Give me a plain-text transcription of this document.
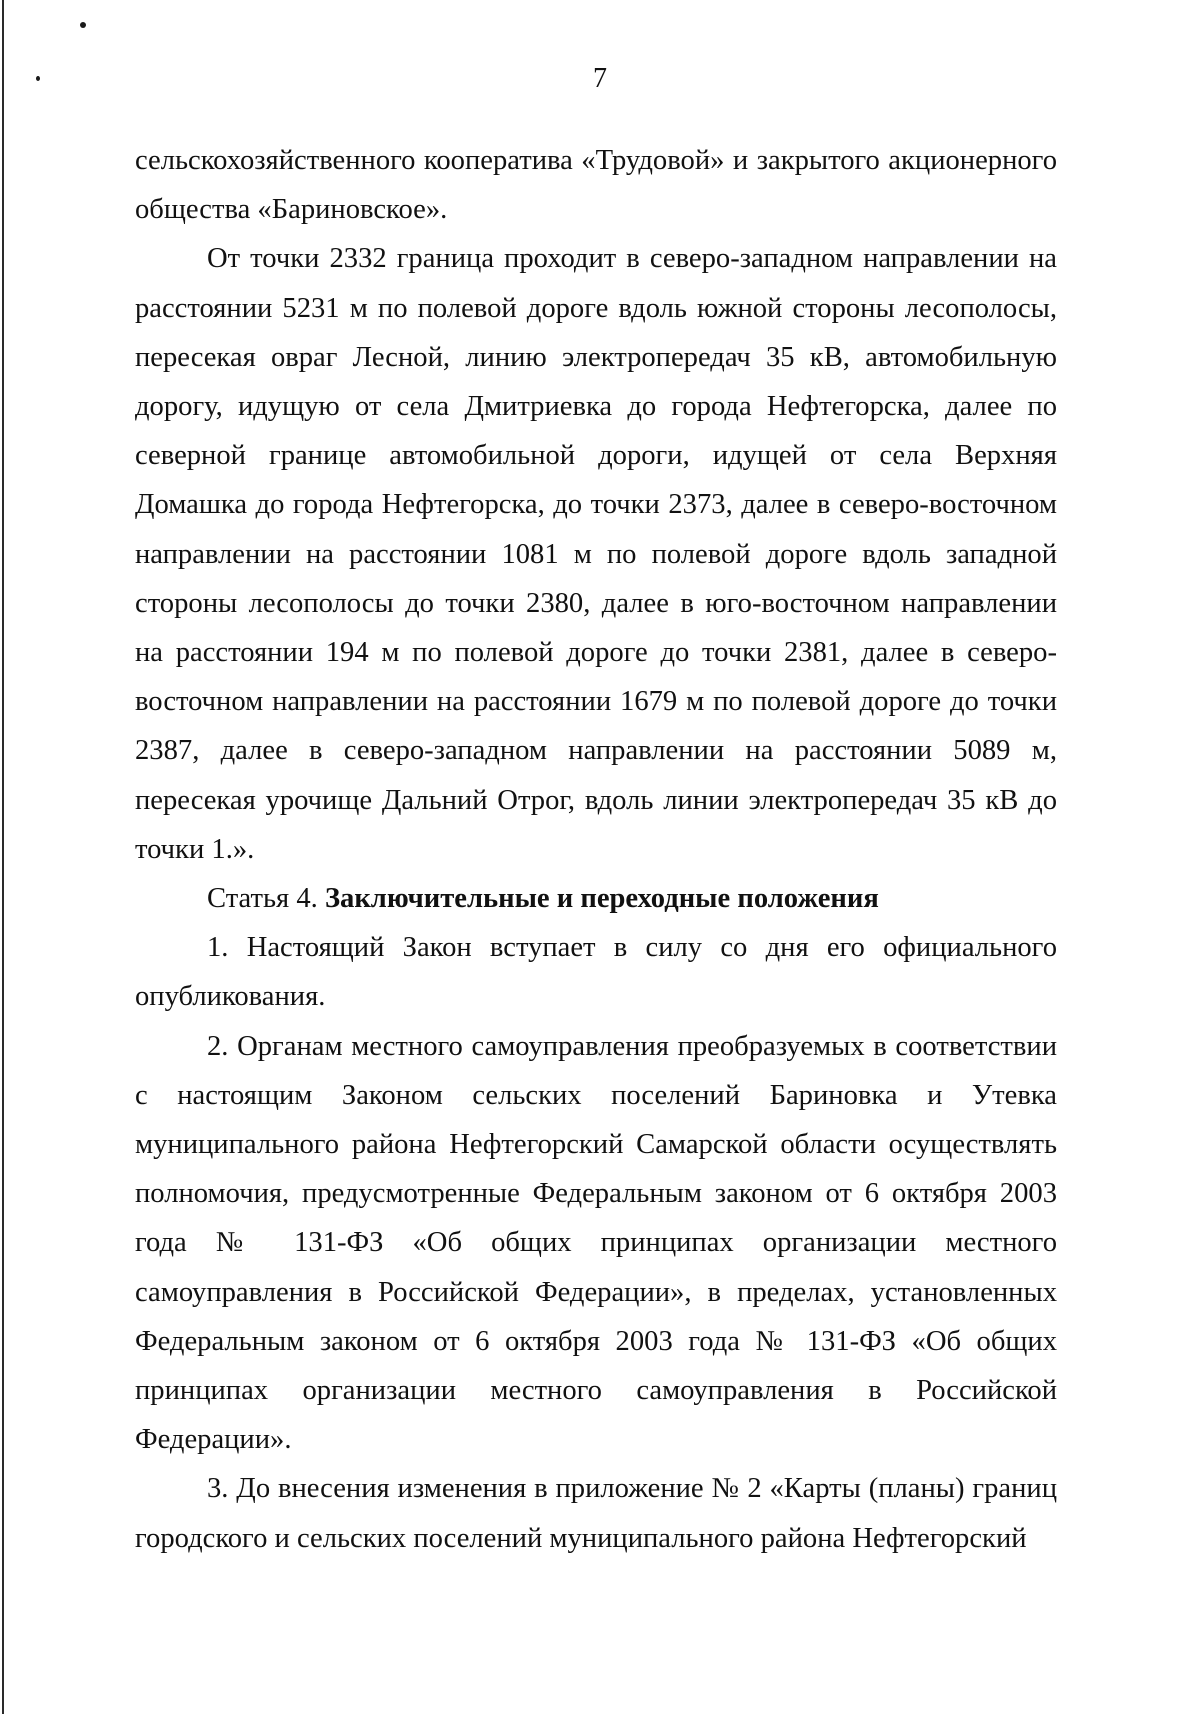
7

сельскохозяйственного кооператива «Трудовой» и закрытого акционерного общества «Бариновское».

От точки 2332 граница проходит в северо-западном направлении на расстоянии 5231 м по полевой дороге вдоль южной стороны лесополосы, пересекая овраг Лесной, линию электропередач 35 кВ, автомобильную дорогу, идущую от села Дмитриевка до города Нефтегорска, далее по северной границе автомобильной дороги, идущей от села Верхняя Домашка до города Нефтегорска, до точки 2373, далее в северо-восточном направлении на расстоянии 1081 м по полевой дороге вдоль западной стороны лесополосы до точки 2380, далее в юго-восточном направлении на расстоянии 194 м по полевой дороге до точки 2381, далее в северо-восточном направлении на расстоянии 1679 м по полевой дороге до точки 2387, далее в северо-западном направлении на расстоянии 5089 м, пересекая урочище Дальний Отрог, вдоль линии электропередач 35 кВ до точки 1.».

Статья 4. Заключительные и переходные положения

1. Настоящий Закон вступает в силу со дня его официального опубликования.

2. Органам местного самоуправления преобразуемых в соответствии с настоящим Законом сельских поселений Бариновка и Утевка муниципального района Нефтегорский Самарской области осуществлять полномочия, предусмотренные Федеральным законом от 6 октября 2003 года № 131-ФЗ «Об общих принципах организации местного самоуправления в Российской Федерации», в пределах, установленных Федеральным законом от 6 октября 2003 года № 131-ФЗ «Об общих принципах организации местного самоуправления в Российской Федерации».

3. До внесения изменения в приложение № 2 «Карты (планы) границ городского и сельских поселений муниципального района Нефтегорский
